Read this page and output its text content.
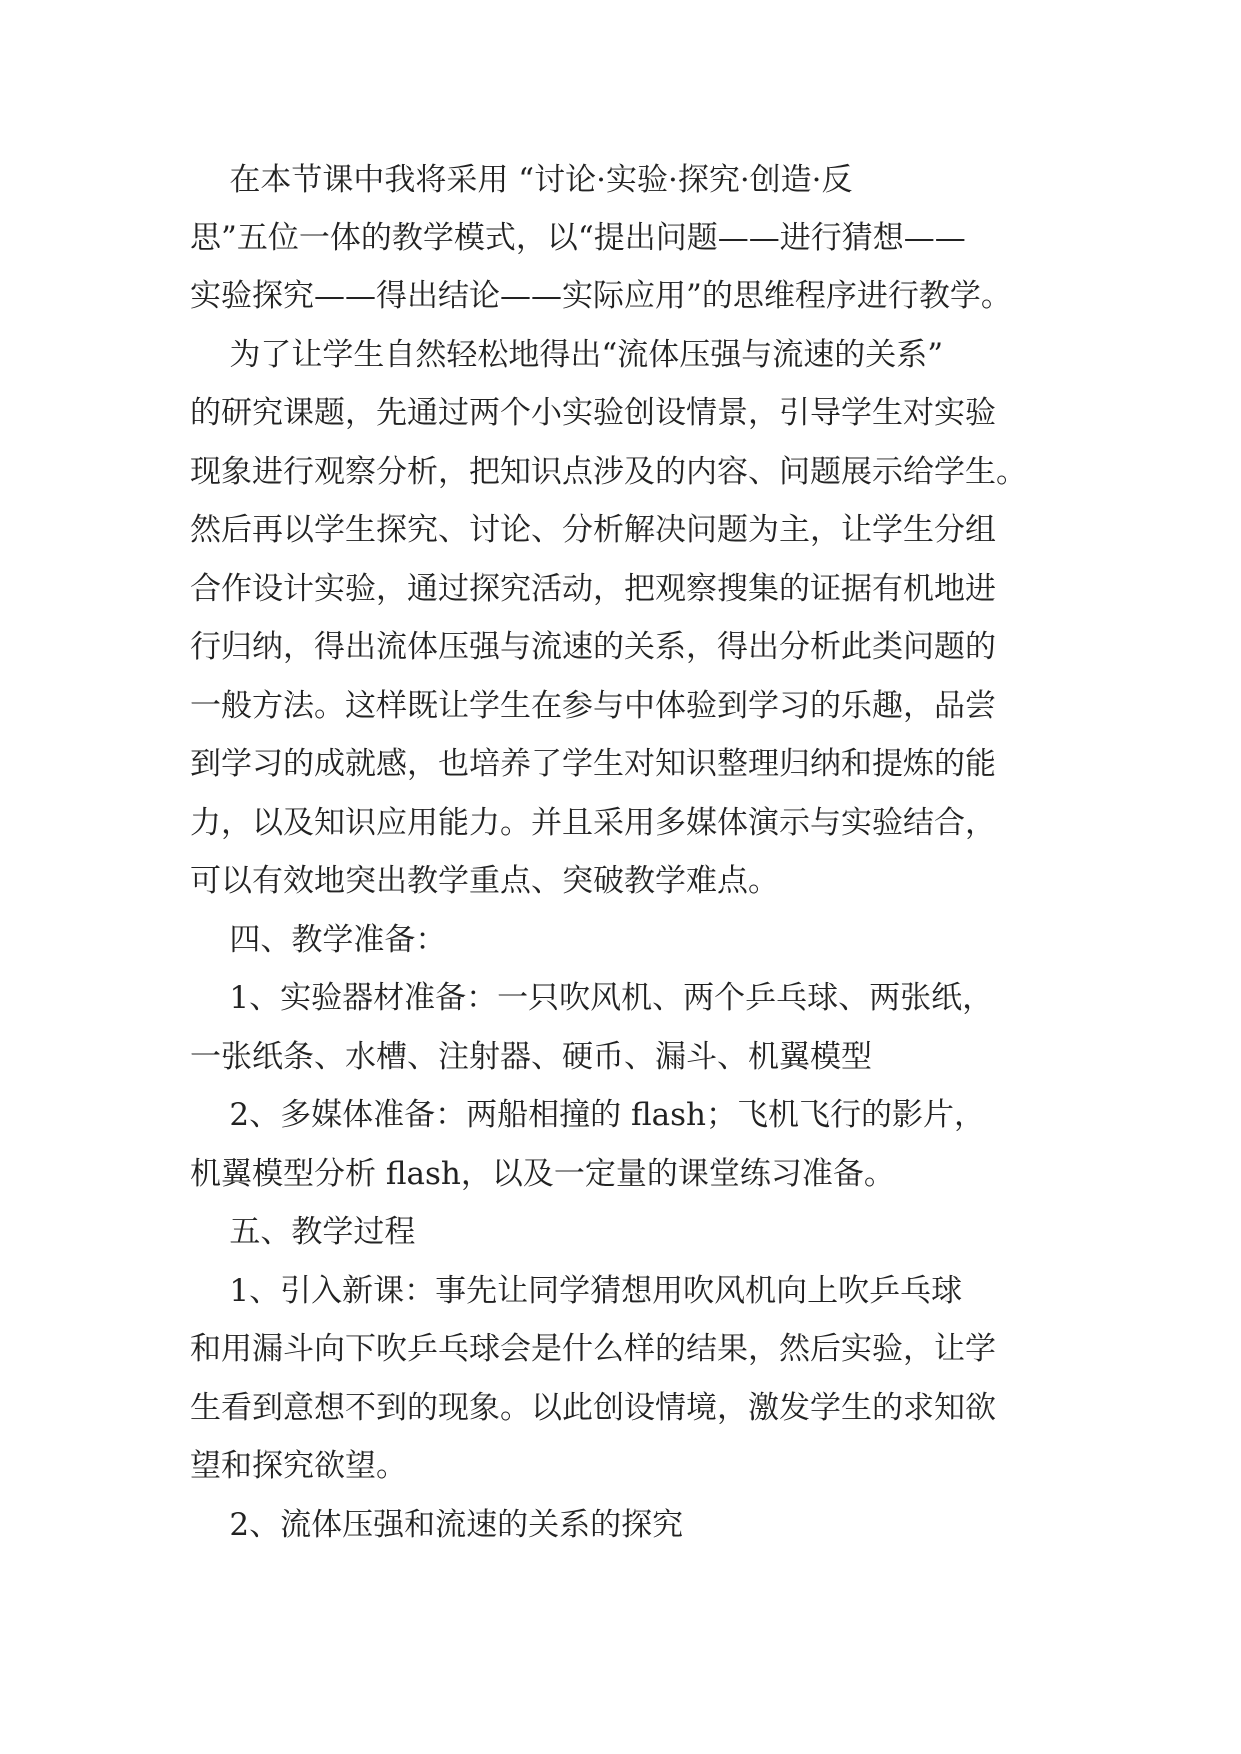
在本节课中我将采用 “讨论·实验·探究·创造·反
思”五位一体的教学模式，以“提出问题——进行猜想——
实验探究——得出结论——实际应用”的思维程序进行教学。
为了让学生自然轻松地得出“流体压强与流速的关系”
的研究课题，先通过两个小实验创设情景，引导学生对实验
现象进行观察分析，把知识点涉及的内容、问题展示给学生。
然后再以学生探究、讨论、分析解决问题为主，让学生分组
合作设计实验，通过探究活动，把观察搜集的证据有机地进
行归纳，得出流体压强与流速的关系，得出分析此类问题的
一般方法。这样既让学生在参与中体验到学习的乐趣，品尝
到学习的成就感，也培养了学生对知识整理归纳和提炼的能
力，以及知识应用能力。并且采用多媒体演示与实验结合，
可以有效地突出教学重点、突破教学难点。
四、教学准备：
1、实验器材准备：一只吹风机、两个乒乓球、两张纸，
一张纸条、水槽、注射器、硬币、漏斗、机翼模型
2、多媒体准备：两船相撞的 flash；飞机飞行的影片，
机翼模型分析 flash，以及一定量的课堂练习准备。
五、教学过程
1、引入新课：事先让同学猜想用吹风机向上吹乒乓球
和用漏斗向下吹乒乓球会是什么样的结果，然后实验，让学
生看到意想不到的现象。以此创设情境，激发学生的求知欲
望和探究欲望。
2、流体压强和流速的关系的探究
